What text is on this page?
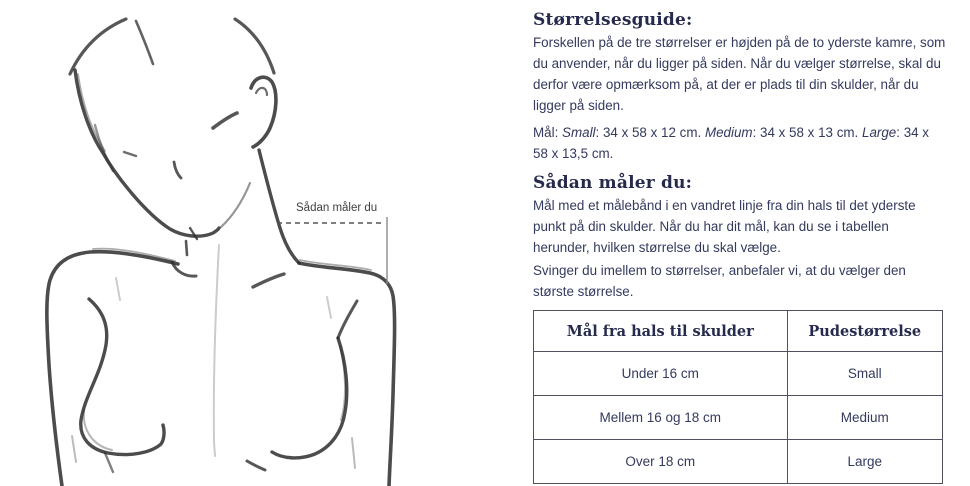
Sådan måler du
Størrelsesguide:

Forskellen på de tre størrelser er højden på de to yderste kamre, som du anvender, når du ligger på siden. Når du vælger størrelse, skal du derfor være opmærksom på, at der er plads til din skulder, når du ligger på siden.

Mål: Small: 34 x 58 x 12 cm. Medium: 34 x 58 x 13 cm. Large: 34 x 58 x 13,5 cm.

Sådan måler du:

Mål med et målebånd i en vandret linje fra din hals til det yderste punkt på din skulder. Når du har dit mål, kan du se i tabellen herunder, hvilken størrelse du skal vælge.

Svinger du imellem to størrelser, anbefaler vi, at du vælger den største størrelse.

Mål fra hals til skulder	Pudestørrelse
Under 16 cm	Small
Mellem 16 og 18 cm	Medium
Over 18 cm	Large
